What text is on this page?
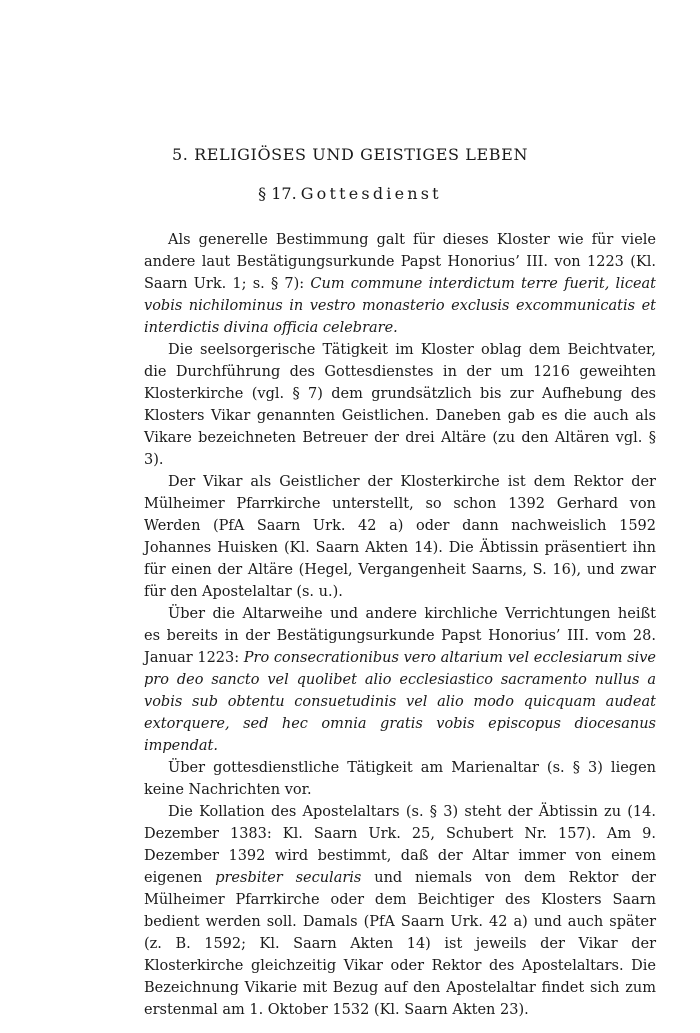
5. RELIGIÖSES UND GEISTIGES LEBEN
§ 17. Gottesdienst

Als generelle Bestimmung galt für dieses Kloster wie für viele andere laut Bestätigungsurkunde Papst Honorius’ III. von 1223 (Kl. Saarn Urk. 1; s. § 7): Cum commune interdictum terre fuerit, liceat vobis nichilominus in vestro monasterio exclusis excommunicatis et interdictis divina officia celebrare.

Die seelsorgerische Tätigkeit im Kloster oblag dem Beichtvater, die Durchführung des Gottesdienstes in der um 1216 geweihten Klosterkirche (vgl. § 7) dem grundsätzlich bis zur Aufhebung des Klosters Vikar genannten Geistlichen. Daneben gab es die auch als Vikare bezeichneten Betreuer der drei Altäre (zu den Altären vgl. § 3).

Der Vikar als Geistlicher der Klosterkirche ist dem Rektor der Mülheimer Pfarrkirche unterstellt, so schon 1392 Gerhard von Werden (PfA Saarn Urk. 42 a) oder dann nachweislich 1592 Johannes Huisken (Kl. Saarn Akten 14). Die Äbtissin präsentiert ihn für einen der Altäre (Hegel, Vergangenheit Saarns, S. 16), und zwar für den Apostelaltar (s. u.).

Über die Altarweihe und andere kirchliche Verrichtungen heißt es bereits in der Bestätigungsurkunde Papst Honorius’ III. vom 28. Januar 1223: Pro consecrationibus vero altarium vel ecclesiarum sive pro deo sancto vel quolibet alio ecclesiastico sacramento nullus a vobis sub obtentu consuetudinis vel alio modo quicquam audeat extorquere, sed hec omnia gratis vobis episcopus diocesanus impendat.

Über gottesdienstliche Tätigkeit am Marienaltar (s. § 3) liegen keine Nachrichten vor.

Die Kollation des Apostelaltars (s. § 3) steht der Äbtissin zu (14. Dezember 1383: Kl. Saarn Urk. 25, Schubert Nr. 157). Am 9. Dezember 1392 wird bestimmt, daß der Altar immer von einem eigenen presbiter secularis und niemals von dem Rektor der Mülheimer Pfarrkirche oder dem Beichtiger des Klosters Saarn bedient werden soll. Damals (PfA Saarn Urk. 42 a) und auch später (z. B. 1592; Kl. Saarn Akten 14) ist jeweils der Vikar der Klosterkirche gleichzeitig Vikar oder Rektor des Apostelaltars. Die Bezeichnung Vikarie mit Bezug auf den Apostelaltar findet sich zum erstenmal am 1. Oktober 1532 (Kl. Saarn Akten 23).
